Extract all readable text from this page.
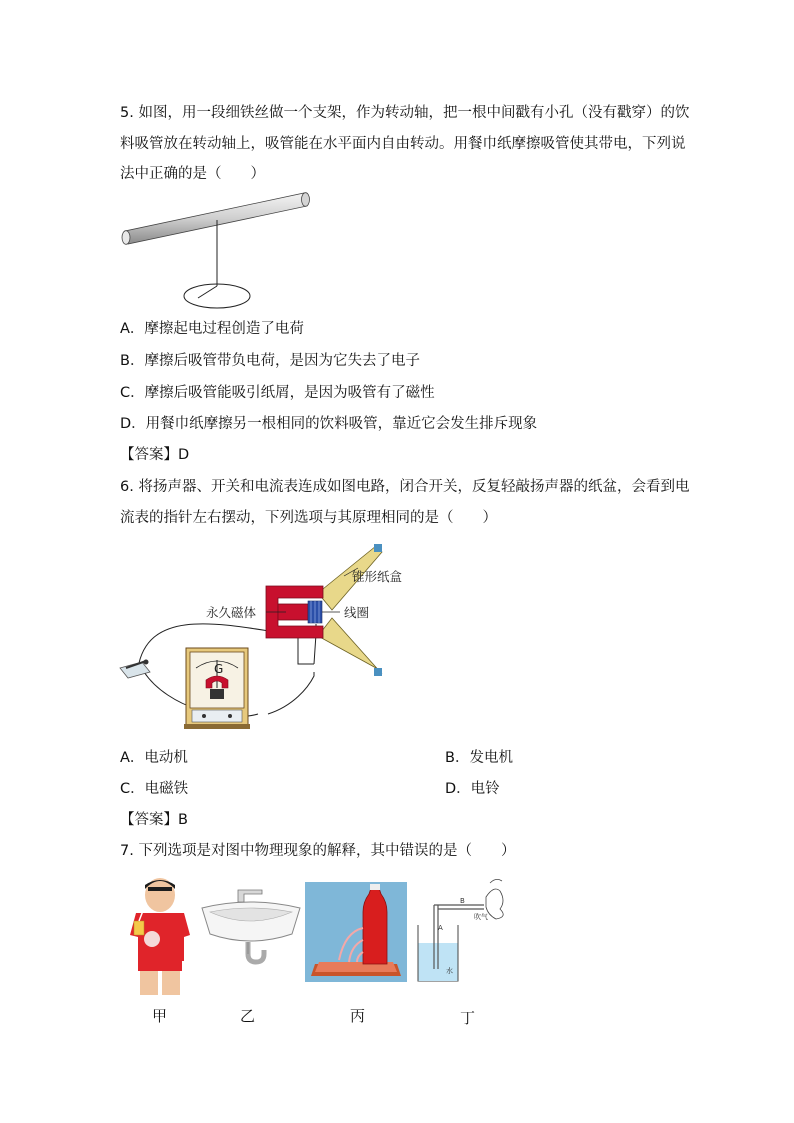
5. 如图，用一段细铁丝做一个支架，作为转动轴，把一根中间戳有小孔（没有戳穿）的饮
料吸管放在转动轴上，吸管能在水平面内自由转动。用餐巾纸摩擦吸管使其带电，下列说
法中正确的是（　　）
A．摩擦起电过程创造了电荷
B．摩擦后吸管带负电荷，是因为它失去了电子
C．摩擦后吸管能吸引纸屑，是因为吸管有了磁性
D．用餐巾纸摩擦另一根相同的饮料吸管，靠近它会发生排斥现象
【答案】D
6. 将扬声器、开关和电流表连成如图电路，闭合开关，反复轻敲扬声器的纸盆，会看到电
流表的指针左右摆动，下列选项与其原理相同的是（　　）
G
锥形纸盒
永久磁体	线圈
A．电动机	B．发电机
C．电磁铁	D．电铃
【答案】B
7. 下列选项是对图中物理现象的解释，其中错误的是（　　）
A
B
吹气
水
甲	乙	丙	丁
